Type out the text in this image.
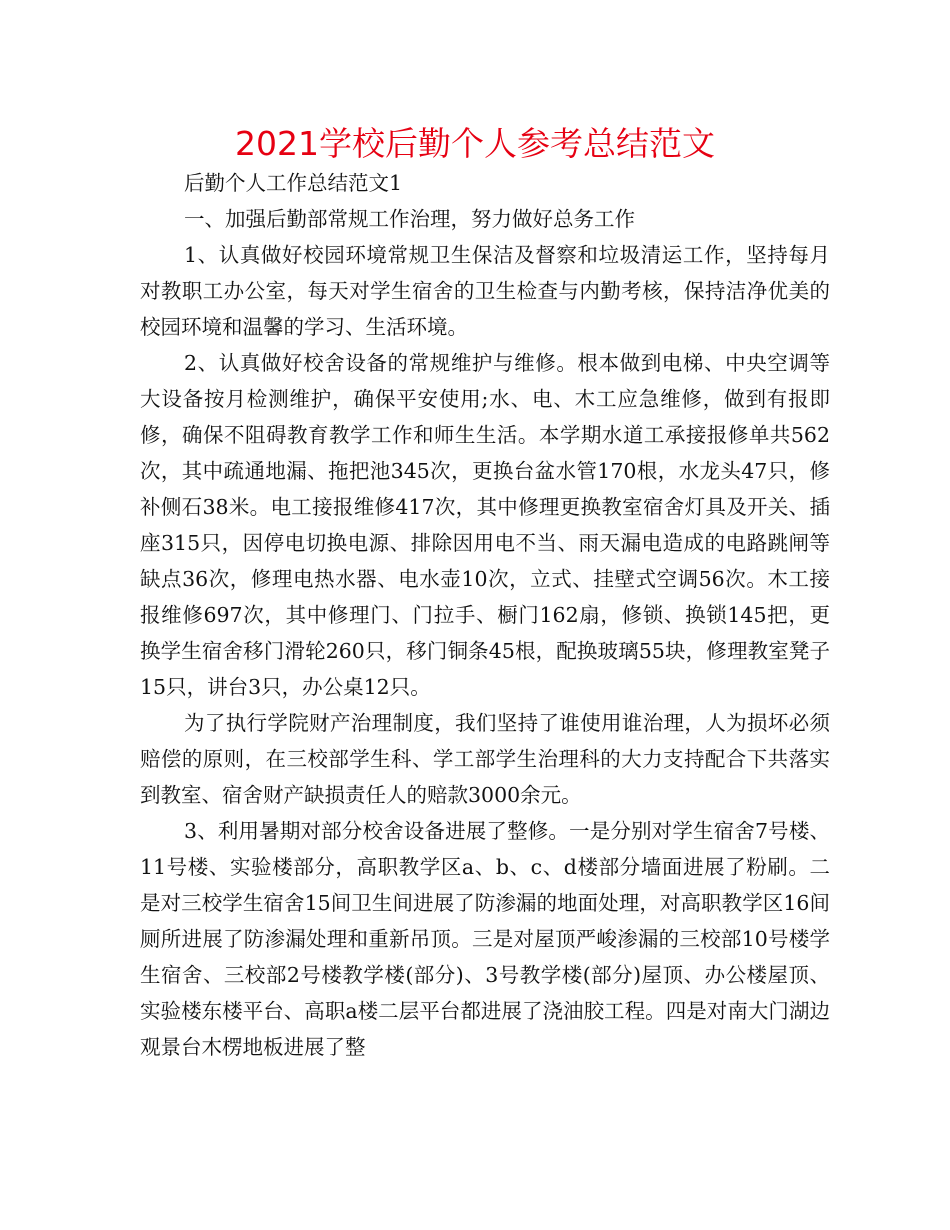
2021学校后勤个人参考总结范文

后勤个人工作总结范文1

一、加强后勤部常规工作治理，努力做好总务工作

1、认真做好校园环境常规卫生保洁及督察和垃圾清运工作，坚持每月对教职工办公室，每天对学生宿舍的卫生检查与内勤考核，保持洁净优美的校园环境和温馨的学习、生活环境。

2、认真做好校舍设备的常规维护与维修。根本做到电梯、中央空调等大设备按月检测维护，确保平安使用;水、电、木工应急维修，做到有报即修，确保不阻碍教育教学工作和师生生活。本学期水道工承接报修单共562次，其中疏通地漏、拖把池345次，更换台盆水管170根，水龙头47只，修补侧石38米。电工接报维修417次，其中修理更换教室宿舍灯具及开关、插座315只，因停电切换电源、排除因用电不当、雨天漏电造成的电路跳闸等缺点36次，修理电热水器、电水壶10次，立式、挂壁式空调56次。木工接报维修697次，其中修理门、门拉手、橱门162扇，修锁、换锁145把，更换学生宿舍移门滑轮260只，移门铜条45根，配换玻璃55块，修理教室凳子15只，讲台3只，办公桌12只。

为了执行学院财产治理制度，我们坚持了谁使用谁治理，人为损坏必须赔偿的原则，在三校部学生科、学工部学生治理科的大力支持配合下共落实到教室、宿舍财产缺损责任人的赔款3000余元。

3、利用暑期对部分校舍设备进展了整修。一是分别对学生宿舍7号楼、11号楼、实验楼部分，高职教学区a、b、c、d楼部分墙面进展了粉刷。二是对三校学生宿舍15间卫生间进展了防渗漏的地面处理，对高职教学区16间厕所进展了防渗漏处理和重新吊顶。三是对屋顶严峻渗漏的三校部10号楼学生宿舍、三校部2号楼教学楼(部分)、3号教学楼(部分)屋顶、办公楼屋顶、实验楼东楼平台、高职a楼二层平台都进展了浇油胶工程。四是对南大门湖边观景台木楞地板进展了整
